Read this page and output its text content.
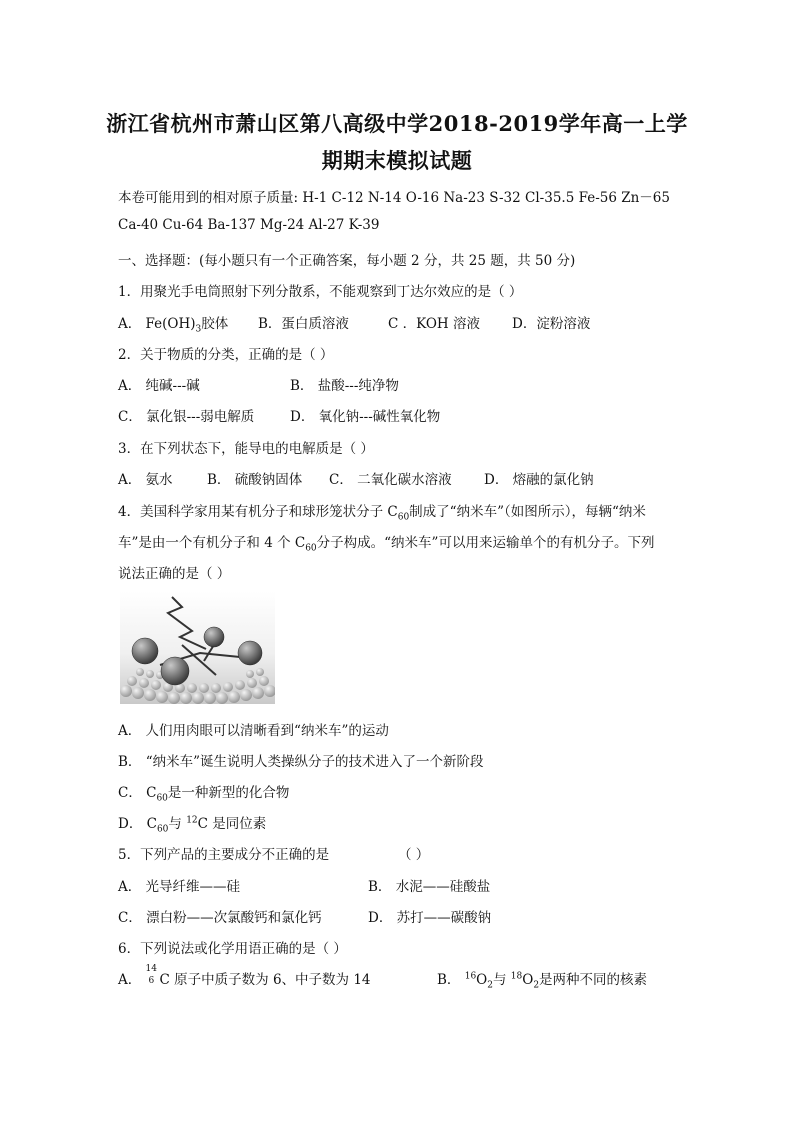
浙江省杭州市萧山区第八高级中学2018-2019学年高一上学
期期末模拟试题
本卷可能用到的相对原子质量: H-1 C-12 N-14 O-16 Na-23 S-32 Cl-35.5 Fe-56 Zn－65
Ca-40 Cu-64 Ba-137 Mg-24 Al-27 K-39
一、选择题：(每小题只有一个正确答案，每小题 2 分，共 25 题，共 50 分)
1．用聚光手电筒照射下列分散系，不能观察到丁达尔效应的是（ ）
A． $Fe(OH)_3$胶体 B．蛋白质溶液	C ．KOH 溶液 D．淀粉溶液
2．关于物质的分类，正确的是（ ）
A． 纯碱---碱	B． 盐酸---纯净物
C． 氯化银---弱电解质	D． 氧化钠---碱性氧化物
3．在下列状态下，能导电的电解质是（ ）
A． 氨水	B． 硫酸钠固体 C． 二氧化碳水溶液 D． 熔融的氯化钠
4．美国科学家用某有机分子和球形笼状分子 $C_{60}$制成了“纳米车”（如图所示），每辆“纳米
车”是由一个有机分子和 4 个 $C_{60}$分子构成。“纳米车”可以用来运输单个的有机分子。下列
说法正确的是（ ）
A． 人们用肉眼可以清晰看到“纳米车”的运动
B． “纳米车”诞生说明人类操纵分子的技术进入了一个新阶段
C． $C_{60}$是一种新型的化合物
D． $C_{60}$与 $^{12}$C 是同位素
5．下列产品的主要成分不正确的是	（ ）
A． 光导纤维——硅	B． 水泥——硅酸盐
C． 漂白粉——次氯酸钙和氯化钙	D． 苏打——碳酸钠
6．下列说法或化学用语正确的是（ ）
A．
14
6 C 原子中质子数为 6、中子数为 14	B． $^{16}O_2$与 $^{18}O_2$是两种不同的核素
